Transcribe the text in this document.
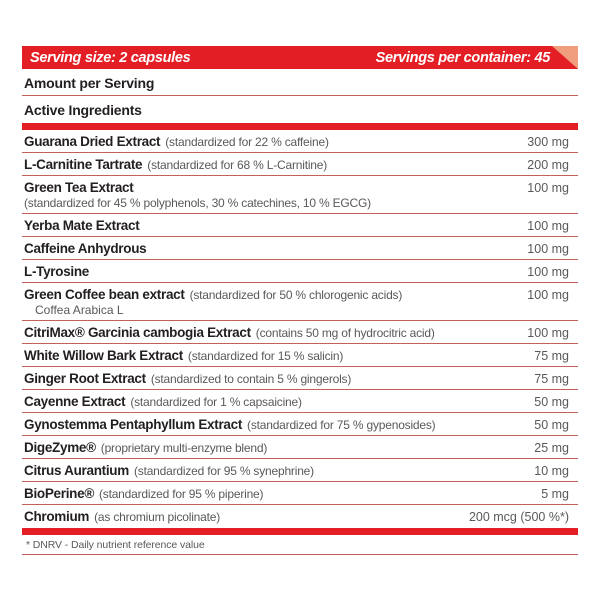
Serving size: 2 capsules	Servings per container: 45
Amount per Serving
Active Ingredients
Guarana Dried Extract (standardized for 22 % caffeine)	300 mg
L-Carnitine Tartrate (standardized for 68 % L-Carnitine)	200 mg
Green Tea Extract	100 mg
(standardized for 45 % polyphenols, 30 % catechines, 10 % EGCG)
Yerba Mate Extract	100 mg
Caffeine Anhydrous	100 mg
L-Tyrosine	100 mg
Green Coffee bean extract (standardized for 50 % chlorogenic acids)	100 mg
Coffea Arabica L
CitriMax® Garcinia cambogia Extract (contains 50 mg of hydrocitric acid)	100 mg
White Willow Bark Extract (standardized for 15 % salicin)	75 mg
Ginger Root Extract (standardized to contain 5 % gingerols)	75 mg
Cayenne Extract (standardized for 1 % capsaicine)	50 mg
Gynostemma Pentaphyllum Extract (standardized for 75 % gypenosides)	50 mg
DigeZyme® (proprietary multi-enzyme blend)	25 mg
Citrus Aurantium (standardized for 95 % synephrine)	10 mg
BioPerine® (standardized for 95 % piperine)	5 mg
Chromium (as chromium picolinate)	200 mcg (500 %*)
* DNRV - Daily nutrient reference value
